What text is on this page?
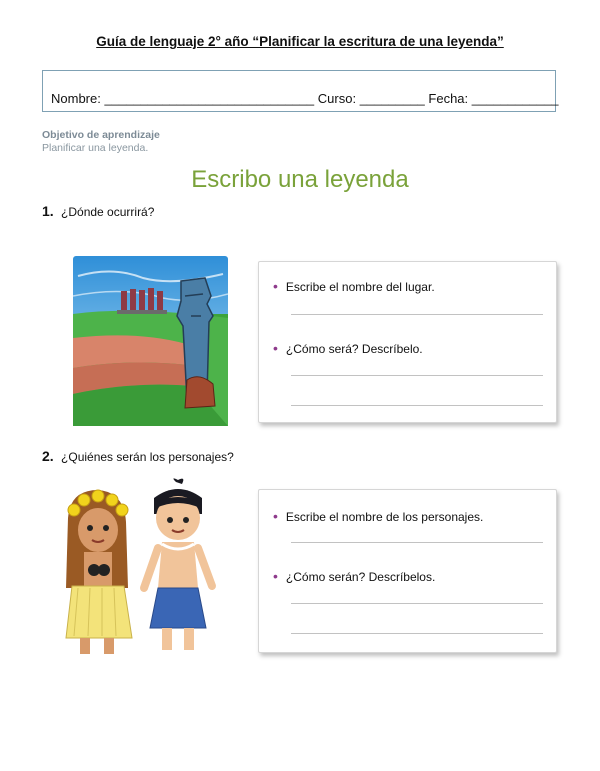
Guía de lenguaje 2° año “Planificar la escritura de una leyenda”
Nombre: _____________________________ Curso: _________ Fecha: ____________
Objetivo de aprendizaje
Planificar una leyenda.
Escribo una leyenda
1. ¿Dónde ocurrirá?
• Escribe el nombre del lugar.
• ¿Cómo será? Descríbelo.
2. ¿Quiénes serán los personajes?
• Escribe el nombre de los personajes.
• ¿Cómo serán? Descríbelos.
